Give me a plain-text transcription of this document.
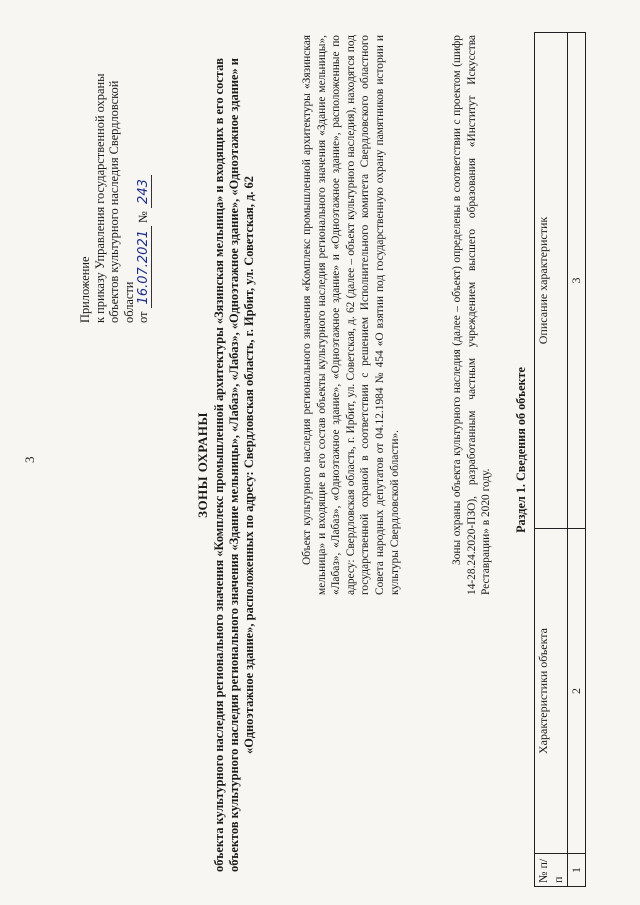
3
Приложение к приказу Управления государственной охраны объектов культурного наследия Свердловской области от 16.07.2021 № 243
ЗОНЫ ОХРАНЫ объекта культурного наследия регионального значения «Комплекс промышленной архитектуры «Зязинская мельница» и входящих в его состав объектов культурного наследия регионального значения «Здание мельницы», «Лабаз», «Лабаз», «Одноэтажное здание», «Одноэтажное здание» и «Одноэтажное здание», расположенных по адресу: Свердловская область, г. Ирбит, ул. Советская, д. 62	Объект культурного наследия регионального значения «Комплекс промышленной архитектуры «Зязинская мельница» и входящие в его состав объекты культурного наследия регионального значения «Здание мельницы», «Лабаз», «Лабаз», «Одноэтажное здание», «Одноэтажное здание» и «Одноэтажное здание», расположенные по адресу: Свердловская область, г. Ирбит, ул. Советская, д. 62 (далее – объект культурного наследия), находятся под государственной охраной в соответствии с решением Исполнительного комитета Свердловского областного Совета народных депутатов от 04.12.1984 № 454 «О взятии под государственную охрану памятников истории и культуры Свердловской области».	Зоны охраны объекта культурного наследия (далее – объект) определены в соответствии с проектом (шифр 14-28.24.2020-ПЗО), разработанным частным учреждением высшего образования «Институт Искусства Реставрации» в 2020 году. Раздел 1. Сведения об объекте
№ п/п	Характеристики объекта	Описание характеристик
1	2	3
